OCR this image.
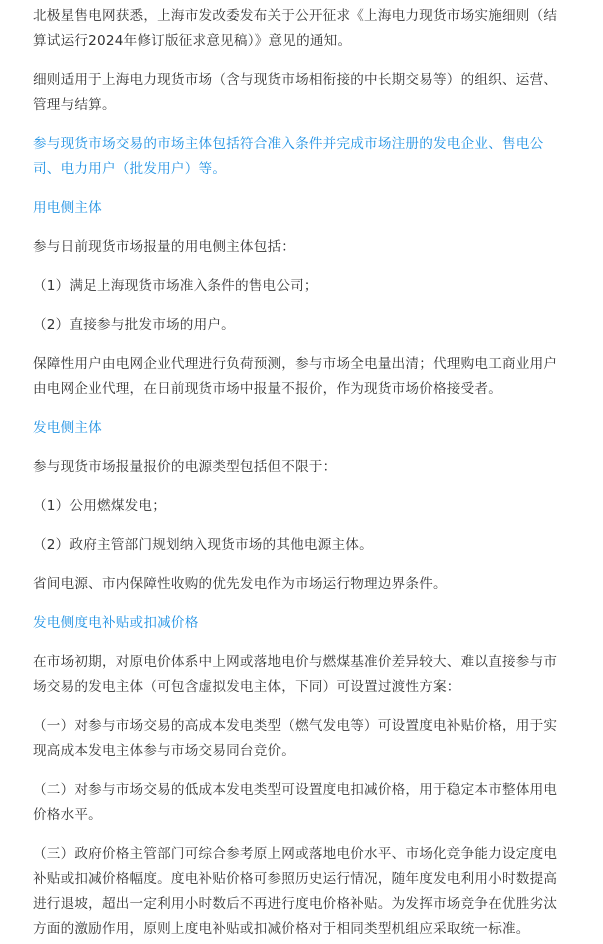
北极星售电网获悉，上海市发改委发布关于公开征求《上海电力现货市场实施细则（结

算试运行2024年修订版征求意见稿）》意见的通知。

细则适用于上海电力现货市场（含与现货市场相衔接的中长期交易等）的组织、运营、

管理与结算。

参与现货市场交易的市场主体包括符合准入条件并完成市场注册的发电企业、售电公

司、电力用户（批发用户）等。

用电侧主体

参与日前现货市场报量的用电侧主体包括：

（1）满足上海现货市场准入条件的售电公司；

（2）直接参与批发市场的用户。

保障性用户由电网企业代理进行负荷预测，参与市场全电量出清；代理购电工商业用户

由电网企业代理，在日前现货市场中报量不报价，作为现货市场价格接受者。

发电侧主体

参与现货市场报量报价的电源类型包括但不限于：

（1）公用燃煤发电；

（2）政府主管部门规划纳入现货市场的其他电源主体。

省间电源、市内保障性收购的优先发电作为市场运行物理边界条件。

发电侧度电补贴或扣减价格

在市场初期，对原电价体系中上网或落地电价与燃煤基准价差异较大、难以直接参与市

场交易的发电主体（可包含虚拟发电主体，下同）可设置过渡性方案：

（一）对参与市场交易的高成本发电类型（燃气发电等）可设置度电补贴价格，用于实

现高成本发电主体参与市场交易同台竞价。

（二）对参与市场交易的低成本发电类型可设置度电扣减价格，用于稳定本市整体用电

价格水平。

（三）政府价格主管部门可综合参考原上网或落地电价水平、市场化竞争能力设定度电

补贴或扣减价格幅度。度电补贴价格可参照历史运行情况，随年度发电利用小时数提高

进行退坡，超出一定利用小时数后不再进行度电价格补贴。为发挥市场竞争在优胜劣汰

方面的激励作用，原则上度电补贴或扣减价格对于相同类型机组应采取统一标准。
